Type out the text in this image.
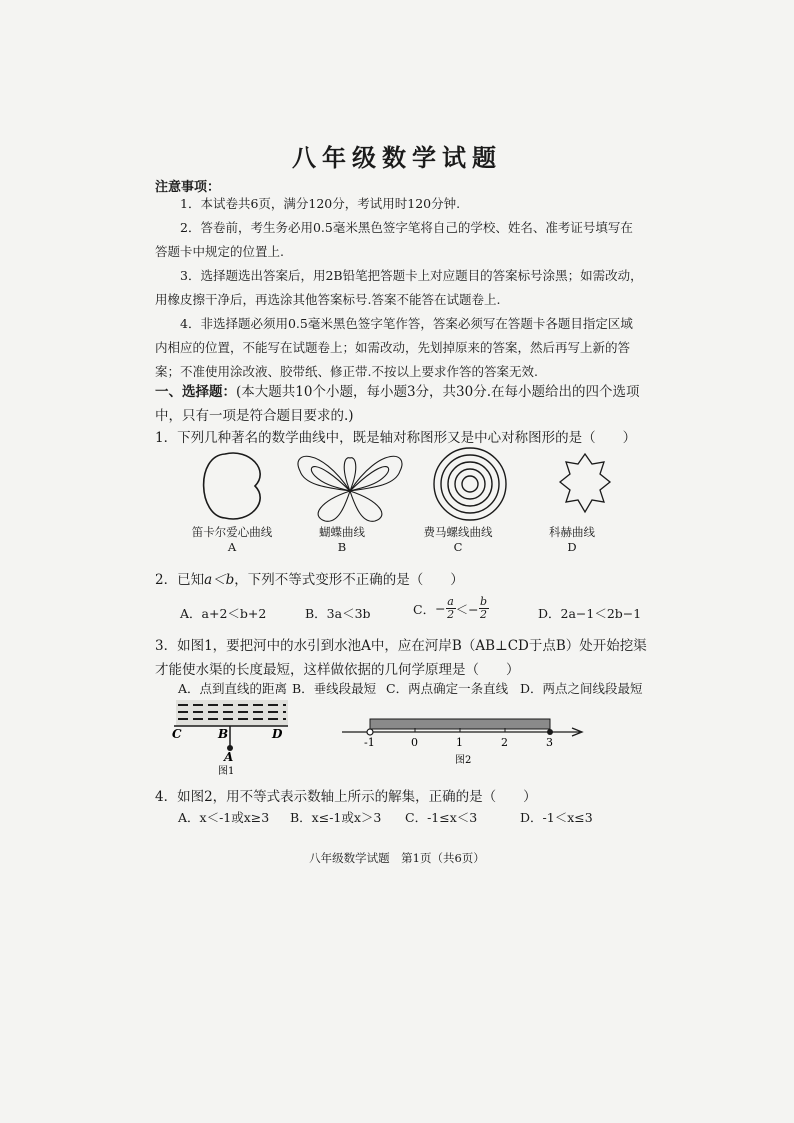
八年级数学试题
注意事项：
1．本试卷共6页，满分120分，考试用时120分钟.
2．答卷前，考生务必用0.5毫米黑色签字笔将自己的学校、姓名、准考证号填写在答题卡中规定的位置上.
3．选择题选出答案后，用2B铅笔把答题卡上对应题目的答案标号涂黑；如需改动，用橡皮擦干净后，再选涂其他答案标号.答案不能答在试题卷上.
4．非选择题必须用0.5毫米黑色签字笔作答，答案必须写在答题卡各题目指定区域内相应的位置，不能写在试题卷上；如需改动，先划掉原来的答案，然后再写上新的答案；不准使用涂改液、胶带纸、修正带.不按以上要求作答的答案无效.
一、选择题：(本大题共10个小题，每小题3分，共30分.在每小题给出的四个选项中，只有一项是符合题目要求的.)
1．下列几种著名的数学曲线中，既是轴对称图形又是中心对称图形的是（　　）
笛卡尔爱心曲线
A
蝴蝶曲线
B
费马螺线曲线
C
科赫曲线
D
2．已知a＜b，下列不等式变形不正确的是（　　）
A．a+2＜b+2	B．3a＜3b	C． − $\frac{a}{2} <- \frac{b}{2}$	D．2a−1＜2b−1
3．如图1，要把河中的水引到水池A中，应在河岸B（AB⊥CD于点B）处开始挖渠才能使水渠的长度最短，这样做依据的几何学原理是（　　）
A．点到直线的距离 B．垂线段最短 C．两点确定一条直线 D．两点之间线段最短
C	B	D
A
图1
-1	0	1	2	3
图2
4．如图2，用不等式表示数轴上所示的解集，正确的是（　　）
A．x＜-1或x≥3 B．x≤-1或x＞3 C．-1≤x＜3	D．-1＜x≤3
八年级数学试题　第1页（共6页）
